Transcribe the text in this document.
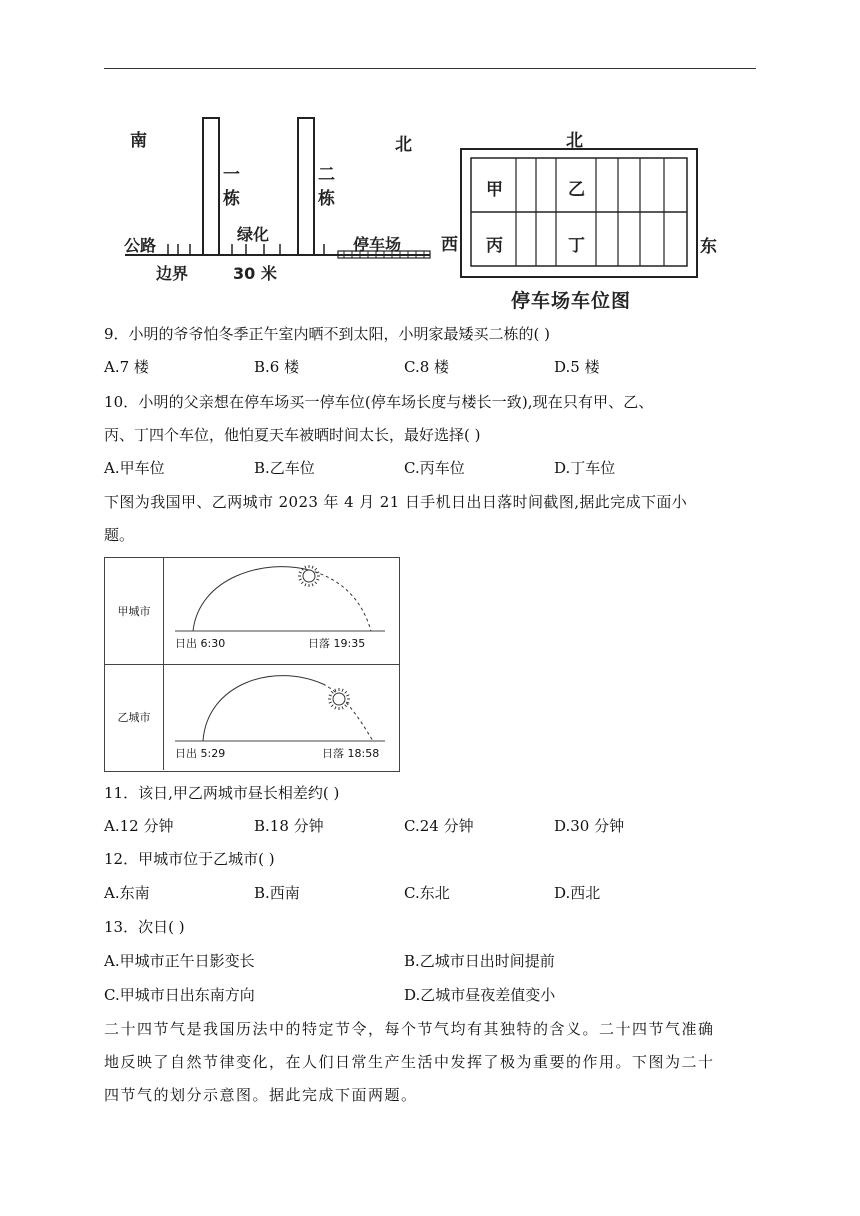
南	北
一
栋
二
栋
绿化
公路	停车场
边界	30 米
北
西	东
甲	乙
丙	丁
停车场车位图
9．小明的爷爷怕冬季正午室内晒不到太阳，小明家最矮买二栋的( )
A.7 楼	B.6 楼	C.8 楼	D.5 楼
10．小明的父亲想在停车场买一停车位(停车场长度与楼长一致),现在只有甲、乙、
丙、丁四个车位，他怕夏天车被晒时间太长，最好选择( )
A.甲车位	B.乙车位	C.丙车位	D.丁车位
下图为我国甲、乙两城市 2023 年 4 月 21 日手机日出日落时间截图,据此完成下面小
题。
甲城市
日出 6:30	日落 19:35
乙城市
日出 5:29	日落 18:58
11．该日,甲乙两城市昼长相差约( )
A.12 分钟	B.18 分钟	C.24 分钟	D.30 分钟
12．甲城市位于乙城市( )
A.东南	B.西南	C.东北	D.西北
13．次日( )
A.甲城市正午日影变长	B.乙城市日出时间提前
C.甲城市日出东南方向	D.乙城市昼夜差值变小
二十四节气是我国历法中的特定节令，每个节气均有其独特的含义。二十四节气准确
地反映了自然节律变化，在人们日常生产生活中发挥了极为重要的作用。下图为二十
四节气的划分示意图。据此完成下面两题。
